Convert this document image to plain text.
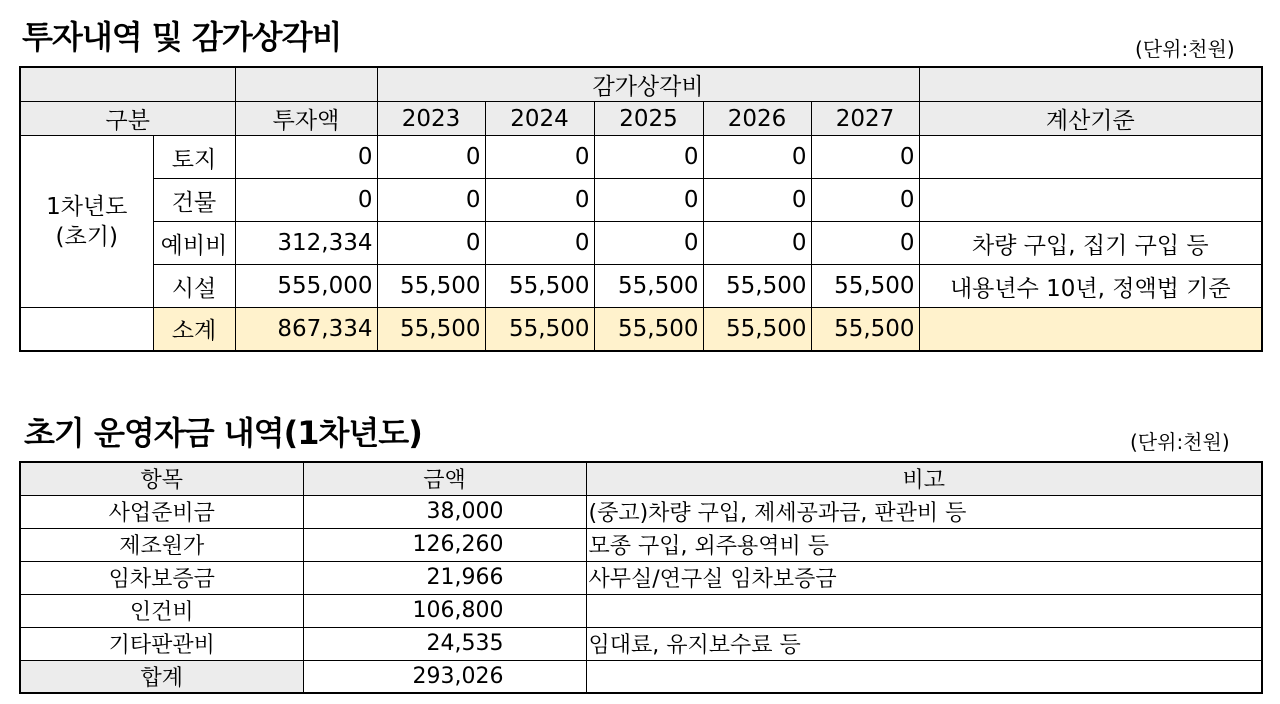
투자내역 및 감가상각비	(단위:천원)
			감가상각비					
구분		투자액	2023	2024	2025	2026	2027	계산기준

1차년도
(초기)	토지	0	0	0	0	0	0	
	건물	0	0	0	0	0	0	
	예비비	312,334	0	0	0	0	0	차량 구입, 집기 구입 등
	시설	555,000	55,500	55,500	55,500	55,500	55,500	내용년수 10년, 정액법 기준
	소계	867,334	55,500	55,500	55,500	55,500	55,500	
초기 운영자금 내역(1차년도)	(단위:천원)
항목	금액	비고
사업준비금	38,000	(중고)차량 구입, 제세공과금, 판관비 등
제조원가	126,260	모종 구입, 외주용역비 등
임차보증금	21,966	사무실/연구실 임차보증금
인건비	106,800	
기타판관비	24,535	임대료, 유지보수료 등
합계	293,026	
